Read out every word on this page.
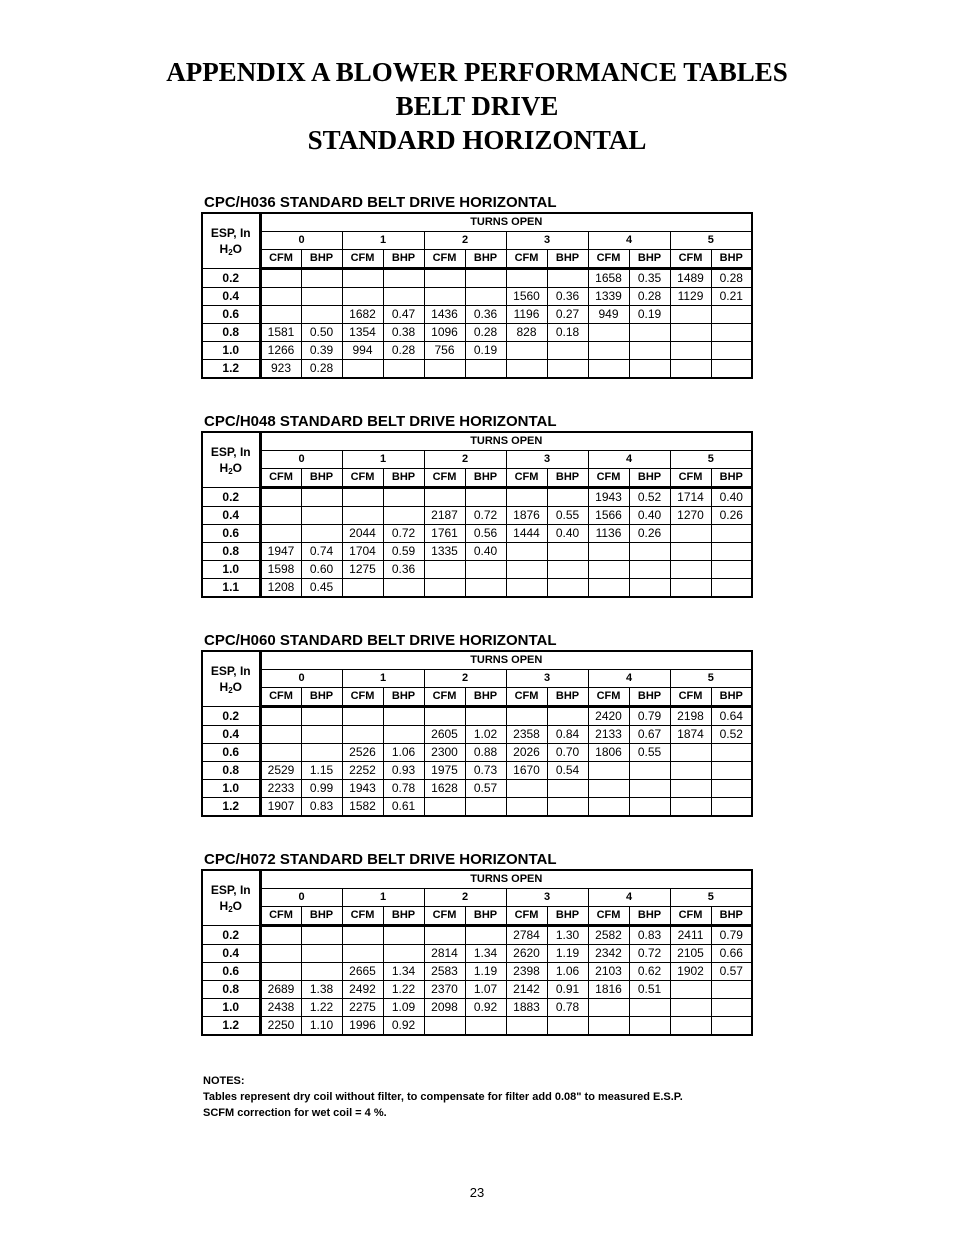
APPENDIX A BLOWER PERFORMANCE TABLES
BELT DRIVE
STANDARD HORIZONTAL
CPC/H036 STANDARD BELT DRIVE HORIZONTAL
ESP, In
$H_2O$	TURNS OPEN											
	0		1		2		3		4		5	
	CFM	BHP	CFM	BHP	CFM	BHP	CFM	BHP	CFM	BHP	CFM	BHP
0.2									1658	0.35	1489	0.28
0.4							1560	0.36	1339	0.28	1129	0.21
0.6			1682	0.47	1436	0.36	1196	0.27	949	0.19		
0.8	1581	0.50	1354	0.38	1096	0.28	828	0.18				
1.0	1266	0.39	994	0.28	756	0.19						
1.2	923	0.28										
CPC/H048 STANDARD BELT DRIVE HORIZONTAL
ESP, In
$H_2O$	TURNS OPEN											
	0		1		2		3		4		5	
	CFM	BHP	CFM	BHP	CFM	BHP	CFM	BHP	CFM	BHP	CFM	BHP
0.2									1943	0.52	1714	0.40
0.4					2187	0.72	1876	0.55	1566	0.40	1270	0.26
0.6			2044	0.72	1761	0.56	1444	0.40	1136	0.26		
0.8	1947	0.74	1704	0.59	1335	0.40						
1.0	1598	0.60	1275	0.36								
1.1	1208	0.45										
CPC/H060 STANDARD BELT DRIVE HORIZONTAL
ESP, In
$H_2O$	TURNS OPEN											
	0		1		2		3		4		5	
	CFM	BHP	CFM	BHP	CFM	BHP	CFM	BHP	CFM	BHP	CFM	BHP
0.2									2420	0.79	2198	0.64
0.4					2605	1.02	2358	0.84	2133	0.67	1874	0.52
0.6			2526	1.06	2300	0.88	2026	0.70	1806	0.55		
0.8	2529	1.15	2252	0.93	1975	0.73	1670	0.54				
1.0	2233	0.99	1943	0.78	1628	0.57						
1.2	1907	0.83	1582	0.61								
CPC/H072 STANDARD BELT DRIVE HORIZONTAL
ESP, In
$H_2O$	TURNS OPEN											
	0		1		2		3		4		5	
	CFM	BHP	CFM	BHP	CFM	BHP	CFM	BHP	CFM	BHP	CFM	BHP
0.2							2784	1.30	2582	0.83	2411	0.79
0.4					2814	1.34	2620	1.19	2342	0.72	2105	0.66
0.6			2665	1.34	2583	1.19	2398	1.06	2103	0.62	1902	0.57
0.8	2689	1.38	2492	1.22	2370	1.07	2142	0.91	1816	0.51		
1.0	2438	1.22	2275	1.09	2098	0.92	1883	0.78				
1.2	2250	1.10	1996	0.92								
NOTES:
Tables represent dry coil without filter, to compensate for filter add 0.08" to measured E.S.P.
SCFM correction for wet coil = 4 %.
23
